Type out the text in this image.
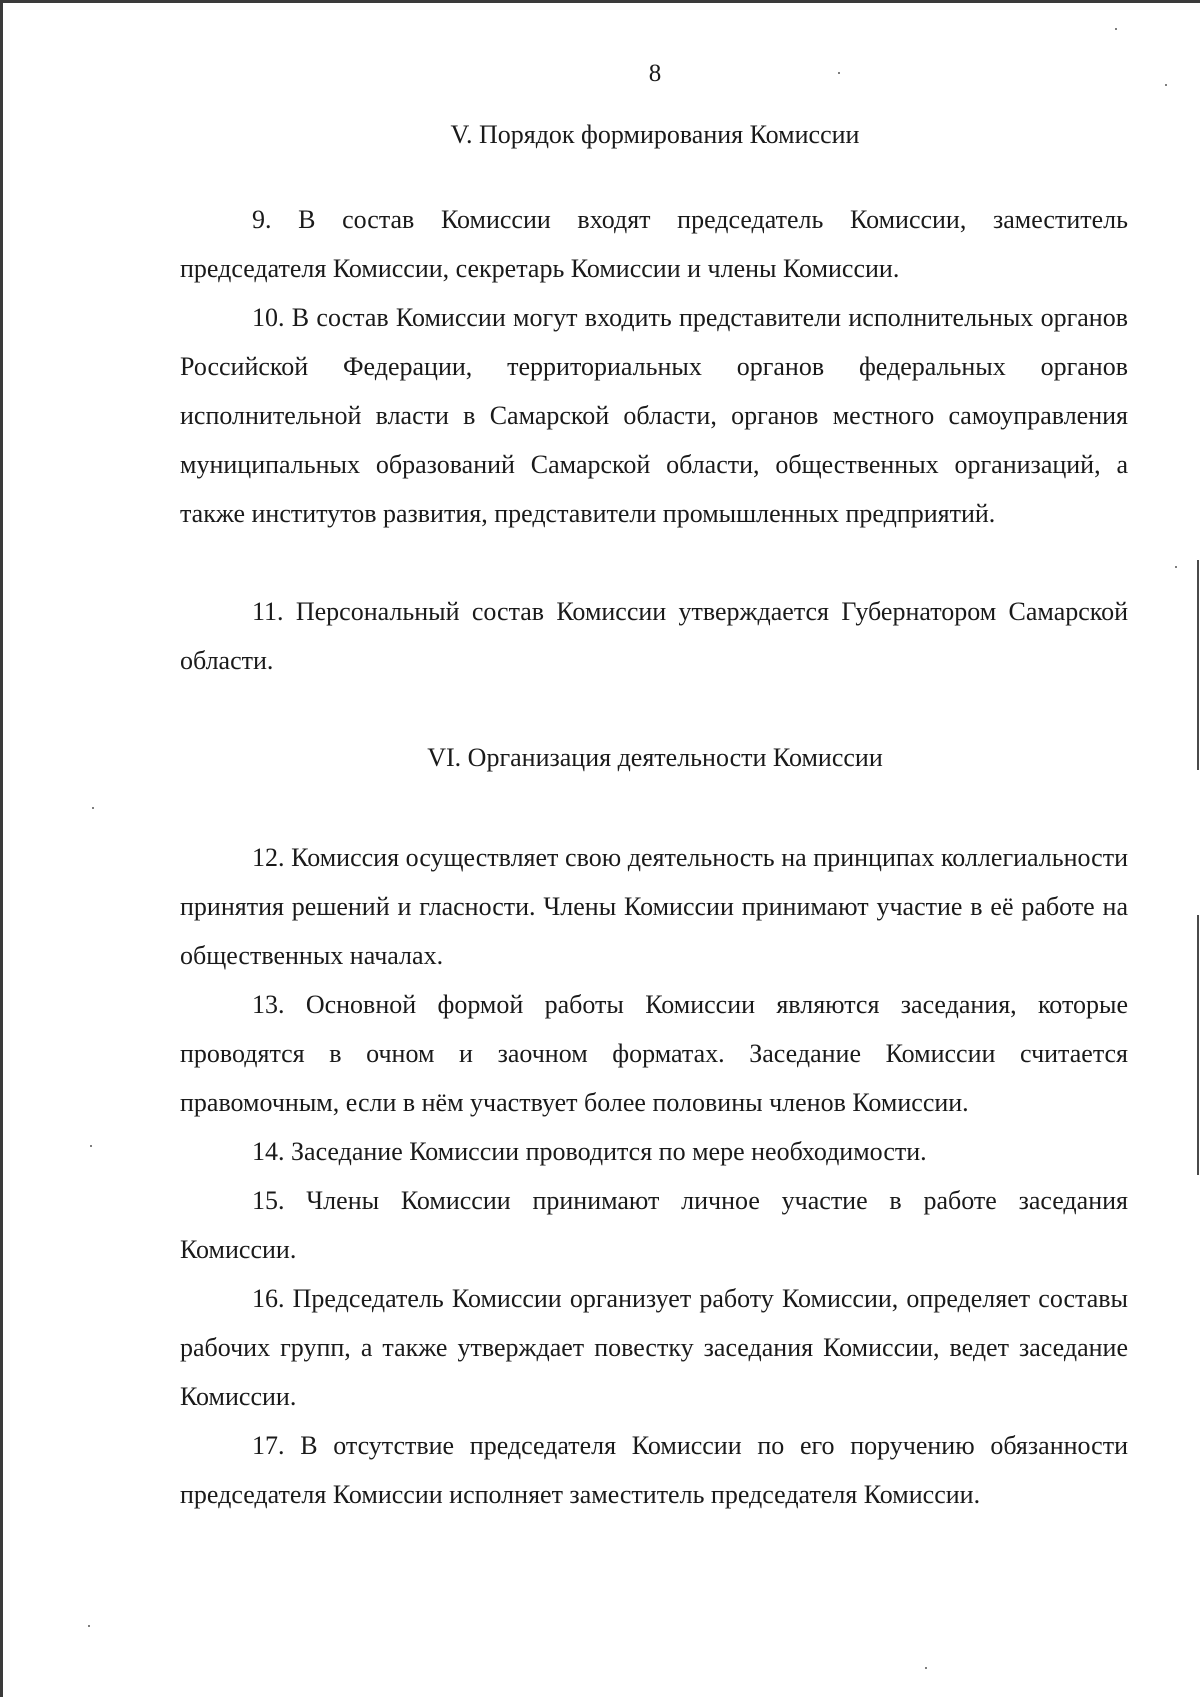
8
V. Порядок формирования Комиссии

9. В состав Комиссии входят председатель Комиссии, заместитель председателя Комиссии, секретарь Комиссии и члены Комиссии.

10. В состав Комиссии могут входить представители исполнительных органов Российской Федерации, территориальных органов федеральных органов исполнительной власти в Самарской области, органов местного самоуправления муниципальных образований Самарской области, общественных организаций, а также институтов развития, представители промышленных предприятий.

11. Персональный состав Комиссии утверждается Губернатором Самарской области.

VI. Организация деятельности Комиссии

12. Комиссия осуществляет свою деятельность на принципах коллегиальности принятия решений и гласности. Члены Комиссии принимают участие в её работе на общественных началах.

13. Основной формой работы Комиссии являются заседания, которые проводятся в очном и заочном форматах. Заседание Комиссии считается правомочным, если в нём участвует более половины членов Комиссии.

14. Заседание Комиссии проводится по мере необходимости.

15. Члены Комиссии принимают личное участие в работе заседания Комиссии.

16. Председатель Комиссии организует работу Комиссии, определяет составы рабочих групп, а также утверждает повестку заседания Комиссии, ведет заседание Комиссии.

17. В отсутствие председателя Комиссии по его поручению обязанности председателя Комиссии исполняет заместитель председателя Комиссии.
